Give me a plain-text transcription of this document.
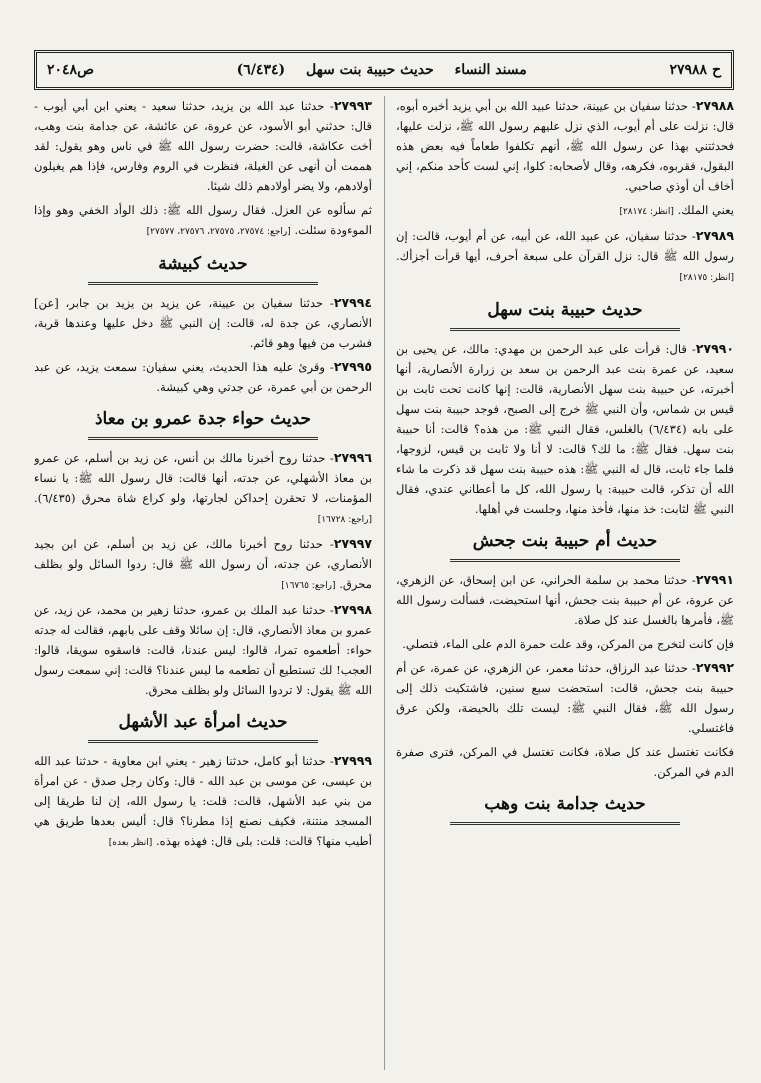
ح ٢٧٩٨٨
مسند النساء حديث حبيبة بنت سهل (٦/٤٣٤)
ص٢٠٤٨

٢٧٩٨٨- حدثنا سفيان بن عيينة، حدثنا عبيد الله بن أبي يزيد أخبره أبوه، قال: نزلت على أم أيوب، الذي نزل عليهم رسول الله ﷺ، نزلت عليها، فحدثتني بهذا عن رسول الله ﷺ، أنهم تكلفوا طعاماً فيه بعض هذه البقول، فقربوه، فكرهه، وقال لأصحابه: كلوا، إني لست كأحد منكم، إني أخاف أن أوذي صاحبي.

يعني الملك. [انظر: ٢٨١٧٤]

٢٧٩٨٩- حدثنا سفيان، عن عبيد الله، عن أبيه، عن أم أيوب، قالت: إن رسول الله ﷺ قال: نزل القرآن على سبعة أحرف، أيها قرأت أجزأك. [انظر: ٢٨١٧٥]

حديث حبيبة بنت سهل

٢٧٩٩٠- قال: قرأت على عبد الرحمن بن مهدي: مالك، عن يحيى بن سعيد، عن عمرة بنت عبد الرحمن بن سعد بن زرارة الأنصارية، أنها أخبرته، عن حبيبة بنت سهل الأنصارية، قالت: إنها كانت تحت ثابت بن قيس بن شماس، وأن النبي ﷺ خرج إلى الصبح، فوجد حبيبة بنت سهل على بابه (٦/٤٣٤) بالغلس، فقال النبي ﷺ: من هذه؟ قالت: أنا حبيبة بنت سهل. فقال ﷺ: ما لك؟ قالت: لا أنا ولا ثابت بن قيس، لزوجها، فلما جاء ثابت، قال له النبي ﷺ: هذه حبيبة بنت سهل قد ذكرت ما شاء الله أن تذكر، قالت حبيبة: يا رسول الله، كل ما أعطاني عندي، فقال النبي ﷺ لثابت: خذ منها، فأخذ منها، وجلست في أهلها.

حديث أم حبيبة بنت جحش

٢٧٩٩١- حدثنا محمد بن سلمة الحراني، عن ابن إسحاق، عن الزهري، عن عروة، عن أم حبيبة بنت جحش، أنها استحيضت، فسألت رسول الله ﷺ، فأمرها بالغسل عند كل صلاة.

فإن كانت لتخرج من المركن، وقد علت حمرة الدم على الماء، فتصلي.

٢٧٩٩٢- حدثنا عبد الرزاق، حدثنا معمر، عن الزهري، عن عمرة، عن أم حبيبة بنت جحش، قالت: استحضت سبع سنين، فاشتكيت ذلك إلى رسول الله ﷺ، فقال النبي ﷺ: ليست تلك بالحيضة، ولكن عرق فاغتسلي.

فكانت تغتسل عند كل صلاة، فكانت تغتسل في المركن، فترى صفرة الدم في المركن.

حديث جدامة بنت وهب

٢٧٩٩٣- حدثنا عبد الله بن يزيد، حدثنا سعيد - يعني ابن أبي أيوب - قال: حدثني أبو الأسود، عن عروة، عن عائشة، عن جدامة بنت وهب، أخت عكاشة، قالت: حضرت رسول الله ﷺ في ناس وهو يقول: لقد هممت أن أنهى عن الغيلة، فنظرت في الروم وفارس، فإذا هم يغيلون أولادهم، ولا يضر أولادهم ذلك شيئا.

ثم سألوه عن العزل. فقال رسول الله ﷺ: ذلك الوأد الخفي وهو وإذا الموءودة سئلت. [راجع: ٢٧٥٧٤، ٢٧٥٧٥، ٢٧٥٧٦، ٢٧٥٧٧]

حديث كبيشة

٢٧٩٩٤- حدثنا سفيان بن عيينة، عن يزيد بن يزيد بن جابر، [عن] الأنصاري، عن جدة له، قالت: إن النبي ﷺ دخل عليها وعندها قربة، فشرب من فيها وهو قائم.

٢٧٩٩٥- وقرئ عليه هذا الحديث، يعني سفيان: سمعت يزيد، عن عبد الرحمن بن أبي عمرة، عن جدتي وهي كبيشة.

حديث حواء جدة عمرو بن معاذ

٢٧٩٩٦- حدثنا روح أخبرنا مالك بن أنس، عن زيد بن أسلم، عن عمرو بن معاذ الأشهلي، عن جدته، أنها قالت: قال رسول الله ﷺ: يا نساء المؤمنات، لا تحقرن إحداكن لجارتها، ولو كراع شاة محرق (٦/٤٣٥). [راجع: ١٦٧٢٨]

٢٧٩٩٧- حدثنا روح أخبرنا مالك، عن زيد بن أسلم، عن ابن بجيد الأنصاري، عن جدته، أن رسول الله ﷺ قال: ردوا السائل ولو بظلف محرق. [راجع: ١٦٧٦٥]

٢٧٩٩٨- حدثنا عبد الملك بن عمرو، حدثنا زهير بن محمد، عن زيد، عن عمرو بن معاذ الأنصاري، قال: إن سائلا وقف على بابهم، فقالت له جدته حواء: أطعموه تمرا، قالوا: ليس عندنا، قالت: فاسقوه سويقا، قالوا: العجب! لك تستطيع أن تطعمه ما ليس عندنا؟ قالت: إني سمعت رسول الله ﷺ يقول: لا تردوا السائل ولو بظلف محرق.

حديث امرأة عبد الأشهل

٢٧٩٩٩- حدثنا أبو كامل، حدثنا زهير - يعني ابن معاوية - حدثنا عبد الله بن عيسى، عن موسى بن عبد الله - قال: وكان رجل صدق - عن امرأة من بني عبد الأشهل، قالت: قلت: يا رسول الله، إن لنا طريقا إلى المسجد منتنة، فكيف نصنع إذا مطرنا؟ قال: أليس بعدها طريق هي أطيب منها؟ قالت: قلت: بلى قال: فهذه بهذه. [انظر بعده]
